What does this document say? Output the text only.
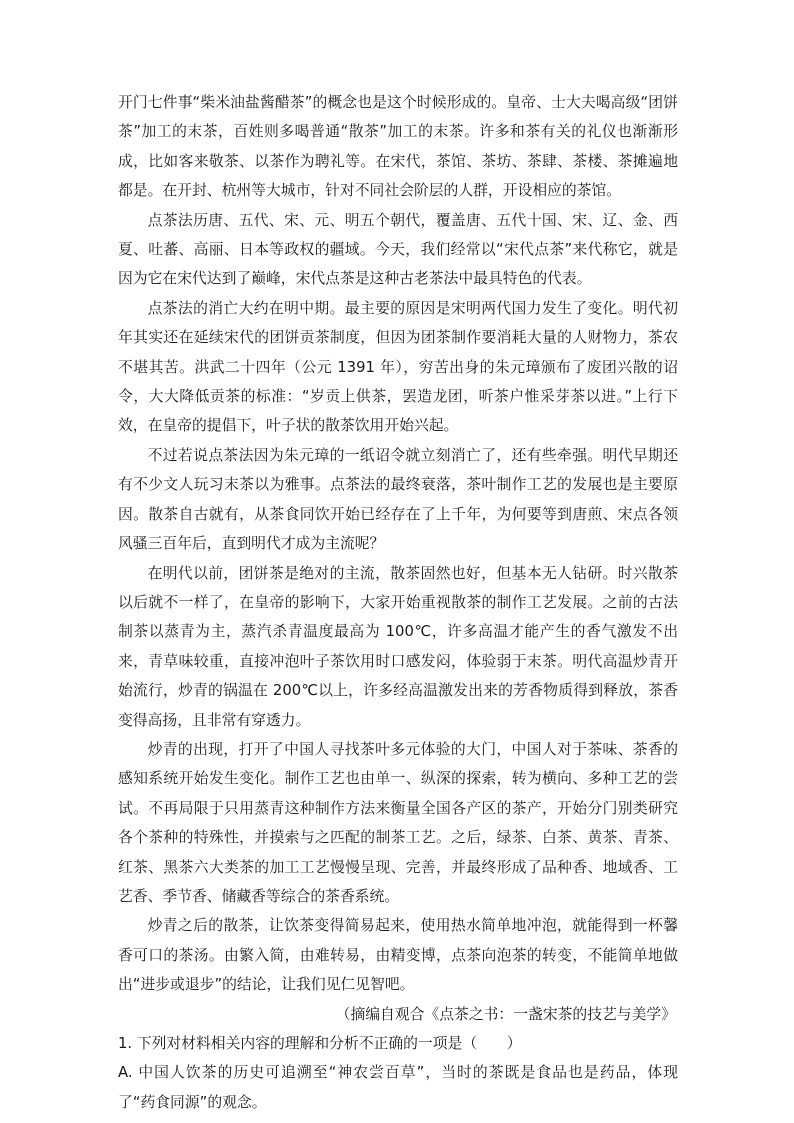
开门七件事“柴米油盐酱醋茶”的概念也是这个时候形成的。皇帝、士大夫喝高级“团饼茶”加工的末茶，百姓则多喝普通“散茶”加工的末茶。许多和茶有关的礼仪也渐渐形成，比如客来敬茶、以茶作为聘礼等。在宋代，茶馆、茶坊、茶肆、茶楼、茶摊遍地都是。在开封、杭州等大城市，针对不同社会阶层的人群，开设相应的茶馆。

点茶法历唐、五代、宋、元、明五个朝代，覆盖唐、五代十国、宋、辽、金、西夏、吐蕃、高丽、日本等政权的疆域。今天，我们经常以“宋代点茶”来代称它，就是因为它在宋代达到了巅峰，宋代点茶是这种古老茶法中最具特色的代表。

点茶法的消亡大约在明中期。最主要的原因是宋明两代国力发生了变化。明代初年其实还在延续宋代的团饼贡茶制度，但因为团茶制作要消耗大量的人财物力，茶农不堪其苦。洪武二十四年（公元 1391 年），穷苦出身的朱元璋颁布了废团兴散的诏令，大大降低贡茶的标准：“岁贡上供茶，罢造龙团，听茶户惟采芽茶以进。”上行下效，在皇帝的提倡下，叶子状的散茶饮用开始兴起。

不过若说点茶法因为朱元璋的一纸诏令就立刻消亡了，还有些牵强。明代早期还有不少文人玩习末茶以为雅事。点茶法的最终衰落，茶叶制作工艺的发展也是主要原因。散茶自古就有，从茶食同饮开始已经存在了上千年，为何要等到唐煎、宋点各领风骚三百年后，直到明代才成为主流呢？

在明代以前，团饼茶是绝对的主流，散茶固然也好，但基本无人钻研。时兴散茶以后就不一样了，在皇帝的影响下，大家开始重视散茶的制作工艺发展。之前的古法制茶以蒸青为主，蒸汽杀青温度最高为 100℃，许多高温才能产生的香气激发不出来，青草味较重，直接冲泡叶子茶饮用时口感发闷，体验弱于末茶。明代高温炒青开始流行，炒青的锅温在 200℃以上，许多经高温激发出来的芳香物质得到释放，茶香变得高扬，且非常有穿透力。

炒青的出现，打开了中国人寻找茶叶多元体验的大门，中国人对于茶味、茶香的感知系统开始发生变化。制作工艺也由单一、纵深的探索，转为横向、多种工艺的尝试。不再局限于只用蒸青这种制作方法来衡量全国各产区的茶产，开始分门别类研究各个茶种的特殊性，并摸索与之匹配的制茶工艺。之后，绿茶、白茶、黄茶、青茶、红茶、黑茶六大类茶的加工工艺慢慢呈现、完善，并最终形成了品种香、地域香、工艺香、季节香、储藏香等综合的茶香系统。

炒青之后的散茶，让饮茶变得简易起来，使用热水简单地冲泡，就能得到一杯馨香可口的茶汤。由繁入简，由难转易，由精变博，点茶向泡茶的转变，不能简单地做出“进步或退步”的结论，让我们见仁见智吧。

（摘编自观合《点茶之书：一盏宋茶的技艺与美学》

1. 下列对材料相关内容的理解和分析不正确的一项是（　　）

A. 中国人饮茶的历史可追溯至“神农尝百草”，当时的茶既是食品也是药品，体现了“药食同源”的观念。
